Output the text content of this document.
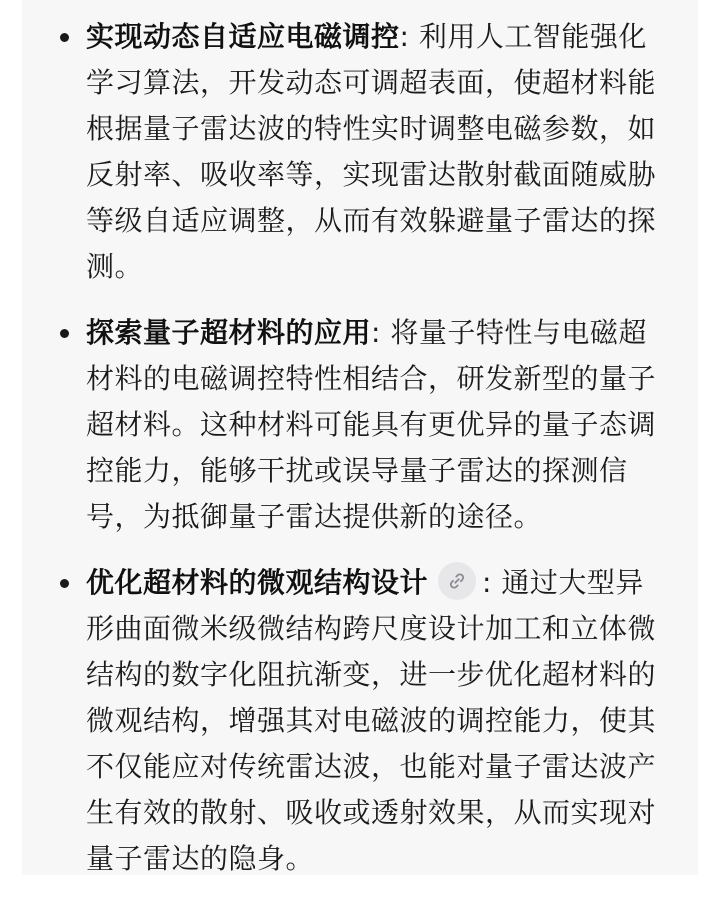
实现动态自适应电磁调控: 利用人工智能强化学习算法，开发动态可调超表面，使超材料能根据量子雷达波的特性实时调整电磁参数，如反射率、吸收率等，实现雷达散射截面随威胁等级自适应调整，从而有效躲避量子雷达的探测。
探索量子超材料的应用: 将量子特性与电磁超材料的电磁调控特性相结合，研发新型的量子超材料。这种材料可能具有更优异的量子态调控能力，能够干扰或误导量子雷达的探测信号，为抵御量子雷达提供新的途径。
优化超材料的微观结构设计 : 通过大型异形曲面微米级微结构跨尺度设计加工和立体微结构的数字化阻抗渐变，进一步优化超材料的微观结构，增强其对电磁波的调控能力，使其不仅能应对传统雷达波，也能对量子雷达波产生有效的散射、吸收或透射效果，从而实现对量子雷达的隐身。
